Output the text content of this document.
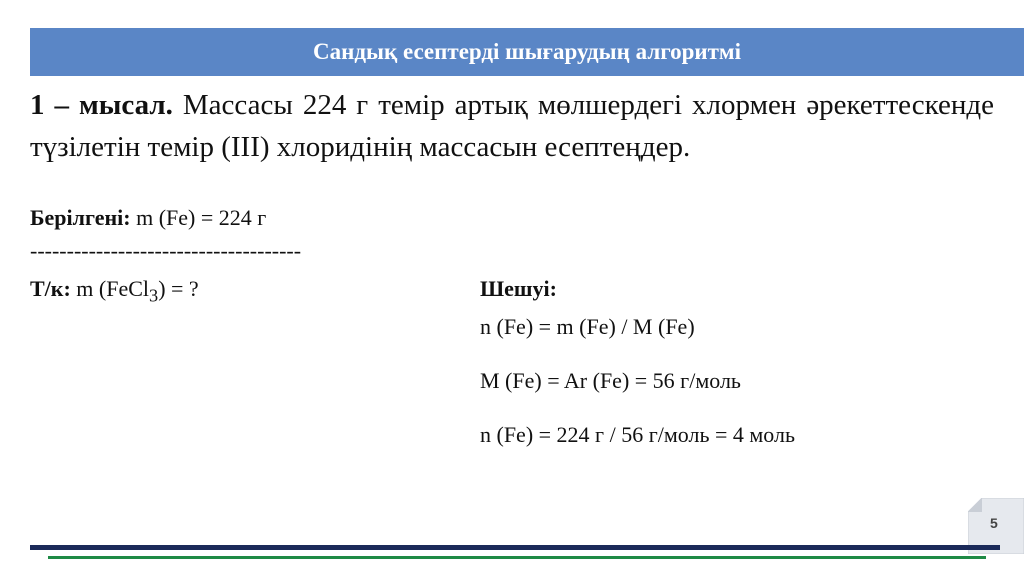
Сандық есептерді шығарудың алгоритмі
1 – мысал. Массасы 224 г темір артық мөлшердегі хлормен әрекеттескенде түзілетін темір (III) хлоридінің массасын есептеңдер.
Берілгені: m (Fe) = 224 г
-------------------------------------
Т/к: m (FeCl$_3$) = ?	Шешуі:
n (Fe) = m (Fe) / M (Fe)
M (Fe) = Ar (Fe) = 56 г/моль
n (Fe) = 224 г / 56 г/моль = 4 моль
5
